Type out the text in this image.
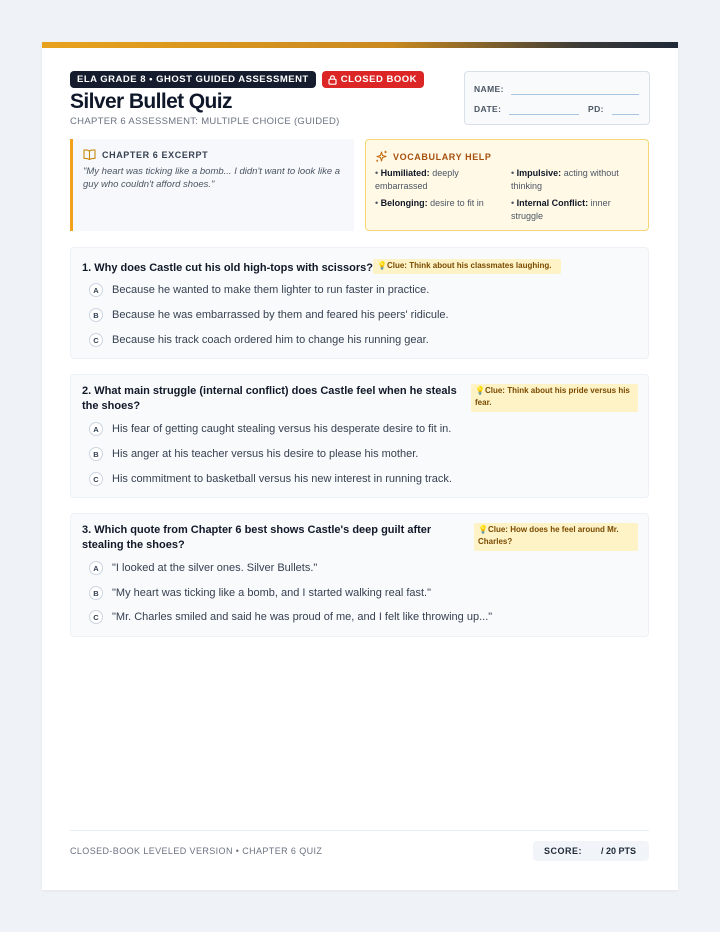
ELA GRADE 8 • GHOST GUIDED ASSESSMENT	CLOSED BOOK
Silver Bullet Quiz
CHAPTER 6 ASSESSMENT: MULTIPLE CHOICE (GUIDED)
NAME:
DATE:	PD:
CHAPTER 6 EXCERPT
"My heart was ticking like a bomb... I didn't want to look like a guy who couldn't afford shoes."
VOCABULARY HELP
• Humiliated: deeply embarrassed
• Impulsive: acting without thinking
• Belonging: desire to fit in	• Internal Conflict: inner struggle
1. Why does Castle cut his old high-tops with scissors? 💡Clue: Think about his classmates laughing.
A	Because he wanted to make them lighter to run faster in practice.
B	Because he was embarrassed by them and feared his peers' ridicule.
C	Because his track coach ordered him to change his running gear.
2. What main struggle (internal conflict) does Castle feel when he steals the shoes?
💡Clue: Think about his pride versus his fear.
A	His fear of getting caught stealing versus his desperate desire to fit in.
B	His anger at his teacher versus his desire to please his mother.
C	His commitment to basketball versus his new interest in running track.
3. Which quote from Chapter 6 best shows Castle's deep guilt after stealing the shoes?
💡Clue: How does he feel around Mr. Charles?
A	"I looked at the silver ones. Silver Bullets."
B	"My heart was ticking like a bomb, and I started walking real fast."
C	"Mr. Charles smiled and said he was proud of me, and I felt like throwing up..."
CLOSED-BOOK LEVELED VERSION • CHAPTER 6 QUIZ	SCORE: / 20 PTS
